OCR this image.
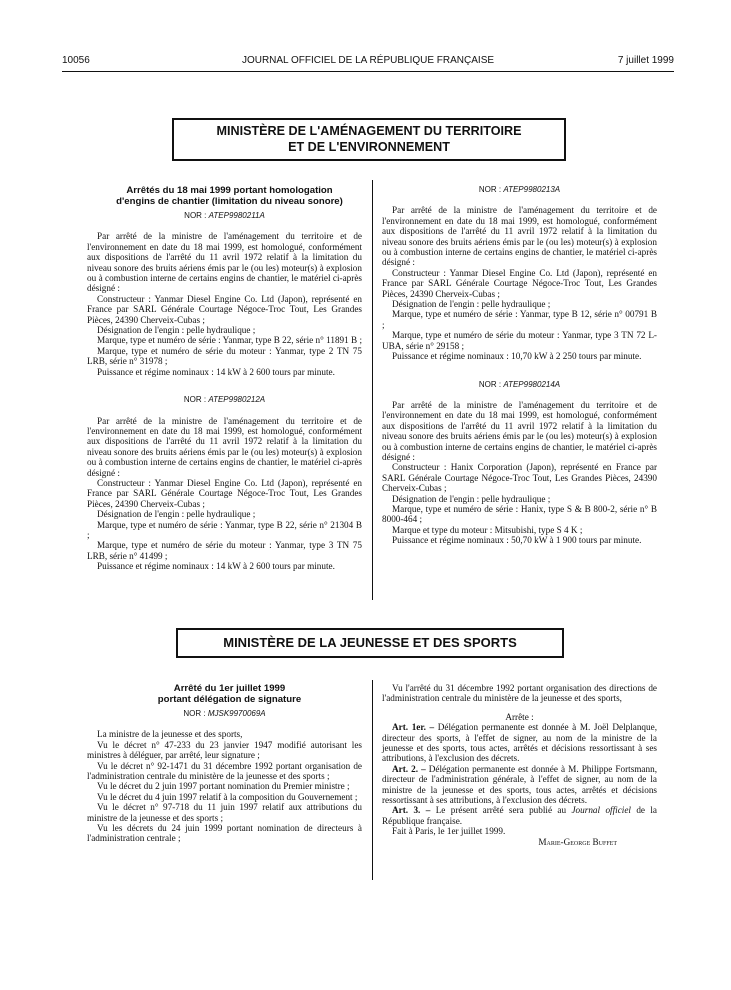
10056	JOURNAL OFFICIEL DE LA RÉPUBLIQUE FRANÇAISE	7 juillet 1999
MINISTÈRE DE L'AMÉNAGEMENT DU TERRITOIRE
ET DE L'ENVIRONNEMENT

Arrêtés du 18 mai 1999 portant homologation

d'engins de chantier (limitation du niveau sonore)

NOR : ATEP9980211A

Par arrêté de la ministre de l'aménagement du territoire et de l'environnement en date du 18 mai 1999, est homologué, conformément aux dispositions de l'arrêté du 11 avril 1972 relatif à la limitation du niveau sonore des bruits aériens émis par le (ou les) moteur(s) à explosion ou à combustion interne de certains engins de chantier, le matériel ci-après désigné :

Constructeur : Yanmar Diesel Engine Co. Ltd (Japon), représenté en France par SARL Générale Courtage Négoce-Troc Tout, Les Grandes Pièces, 24390 Cherveix-Cubas ;

Désignation de l'engin : pelle hydraulique ;

Marque, type et numéro de série : Yanmar, type B 22, série n° 11891 B ;

Marque, type et numéro de série du moteur : Yanmar, type 2 TN 75 LRB, série n° 31978 ;

Puissance et régime nominaux : 14 kW à 2 600 tours par minute.

NOR : ATEP9980212A

Par arrêté de la ministre de l'aménagement du territoire et de l'environnement en date du 18 mai 1999, est homologué, conformément aux dispositions de l'arrêté du 11 avril 1972 relatif à la limitation du niveau sonore des bruits aériens émis par le (ou les) moteur(s) à explosion ou à combustion interne de certains engins de chantier, le matériel ci-après désigné :

Constructeur : Yanmar Diesel Engine Co. Ltd (Japon), représenté en France par SARL Générale Courtage Négoce-Troc Tout, Les Grandes Pièces, 24390 Cherveix-Cubas ;

Désignation de l'engin : pelle hydraulique ;

Marque, type et numéro de série : Yanmar, type B 22, série n° 21304 B ;

Marque, type et numéro de série du moteur : Yanmar, type 3 TN 75 LRB, série n° 41499 ;

Puissance et régime nominaux : 14 kW à 2 600 tours par minute.

NOR : ATEP9980213A

Par arrêté de la ministre de l'aménagement du territoire et de l'environnement en date du 18 mai 1999, est homologué, conformément aux dispositions de l'arrêté du 11 avril 1972 relatif à la limitation du niveau sonore des bruits aériens émis par le (ou les) moteur(s) à explosion ou à combustion interne de certains engins de chantier, le matériel ci-après désigné :

Constructeur : Yanmar Diesel Engine Co. Ltd (Japon), représenté en France par SARL Générale Courtage Négoce-Troc Tout, Les Grandes Pièces, 24390 Cherveix-Cubas ;

Désignation de l'engin : pelle hydraulique ;

Marque, type et numéro de série : Yanmar, type B 12, série n° 00791 B ;

Marque, type et numéro de série du moteur : Yanmar, type 3 TN 72 L-UBA, série n° 29158 ;

Puissance et régime nominaux : 10,70 kW à 2 250 tours par minute.

NOR : ATEP9980214A

Par arrêté de la ministre de l'aménagement du territoire et de l'environnement en date du 18 mai 1999, est homologué, conformément aux dispositions de l'arrêté du 11 avril 1972 relatif à la limitation du niveau sonore des bruits aériens émis par le (ou les) moteur(s) à explosion ou à combustion interne de certains engins de chantier, le matériel ci-après désigné :

Constructeur : Hanix Corporation (Japon), représenté en France par SARL Générale Courtage Négoce-Troc Tout, Les Grandes Pièces, 24390 Cherveix-Cubas ;

Désignation de l'engin : pelle hydraulique ;

Marque, type et numéro de série : Hanix, type S & B 800-2, série n° B 8000-464 ;

Marque et type du moteur : Mitsubishi, type S 4 K ;

Puissance et régime nominaux : 50,70 kW à 1 900 tours par minute.

MINISTÈRE DE LA JEUNESSE ET DES SPORTS

Arrêté du 1er juillet 1999

portant délégation de signature

NOR : MJSK9970069A

La ministre de la jeunesse et des sports,

Vu le décret n° 47-233 du 23 janvier 1947 modifié autorisant les ministres à déléguer, par arrêté, leur signature ;

Vu le décret n° 92-1471 du 31 décembre 1992 portant organisation de l'administration centrale du ministère de la jeunesse et des sports ;

Vu le décret du 2 juin 1997 portant nomination du Premier ministre ;

Vu le décret du 4 juin 1997 relatif à la composition du Gouvernement ;

Vu le décret n° 97-718 du 11 juin 1997 relatif aux attributions du ministre de la jeunesse et des sports ;

Vu les décrets du 24 juin 1999 portant nomination de directeurs à l'administration centrale ;

Vu l'arrêté du 31 décembre 1992 portant organisation des directions de l'administration centrale du ministère de la jeunesse et des sports,

Arrête :

Art. 1er. – Délégation permanente est donnée à M. Joël Delplanque, directeur des sports, à l'effet de signer, au nom de la ministre de la jeunesse et des sports, tous actes, arrêtés et décisions ressortissant à ses attributions, à l'exclusion des décrets.

Art. 2. – Délégation permanente est donnée à M. Philippe Fortsmann, directeur de l'administration générale, à l'effet de signer, au nom de la ministre de la jeunesse et des sports, tous actes, arrêtés et décisions ressortissant à ses attributions, à l'exclusion des décrets.

Art. 3. – Le présent arrêté sera publié au Journal officiel de la République française.

Fait à Paris, le 1er juillet 1999.

Marie-George Buffet
